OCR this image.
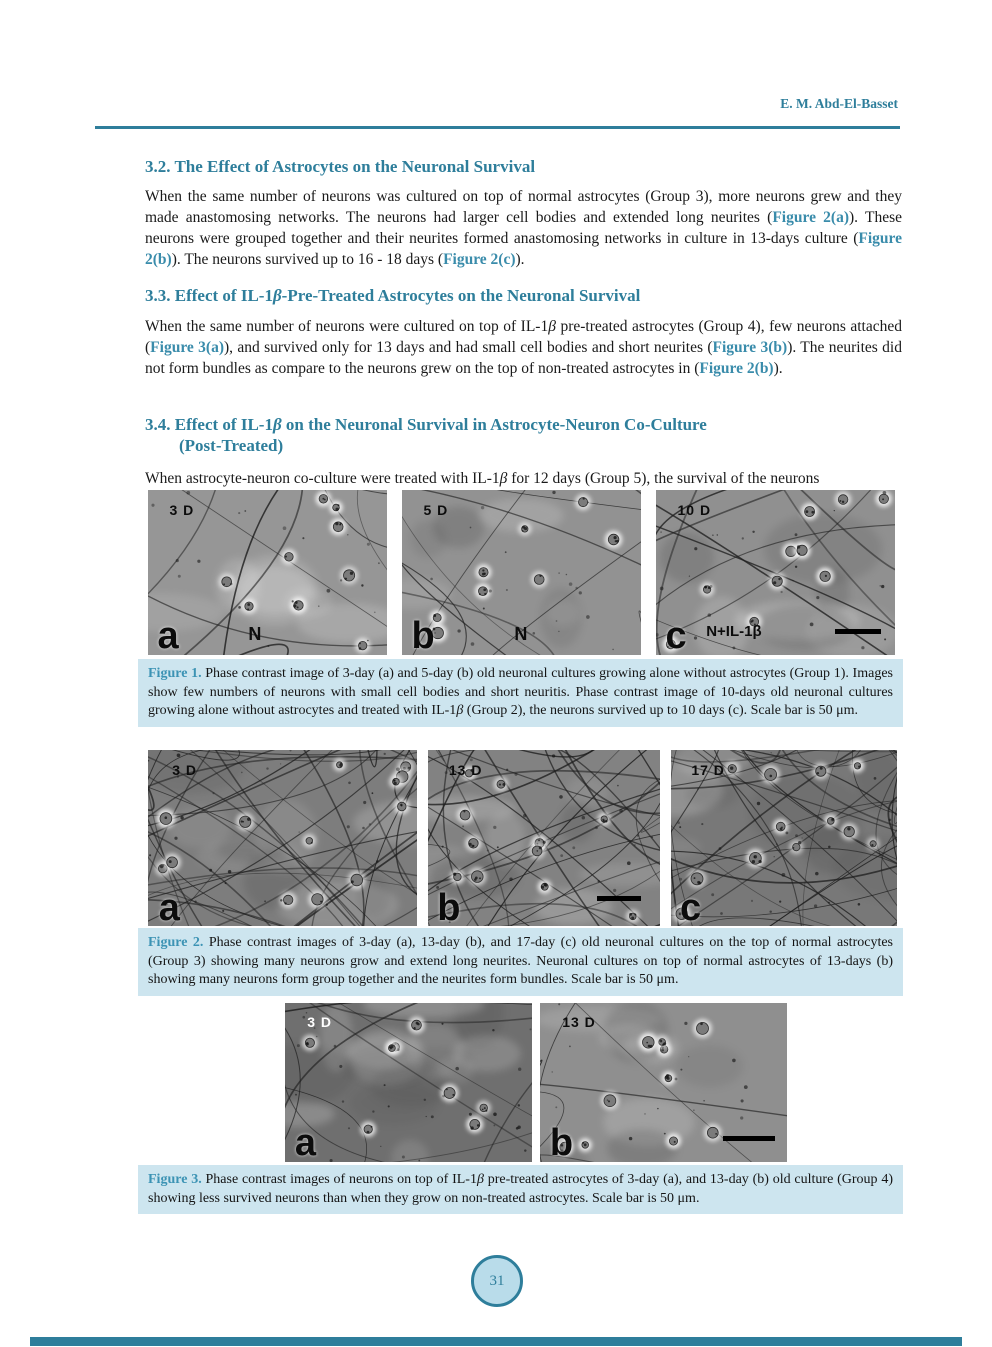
E. M. Abd-El-Basset
3.2. The Effect of Astrocytes on the Neuronal Survival

When the same number of neurons was cultured on top of normal astrocytes (Group 3), more neurons grew and they made anastomosing networks. The neurons had larger cell bodies and extended long neurites (Figure 2(a)). These neurons were grouped together and their neurites formed anastomosing networks in culture in 13-days culture (Figure 2(b)). The neurons survived up to 16 - 18 days (Figure 2(c)).

3.3. Effect of IL-1β-Pre-Treated Astrocytes on the Neuronal Survival

When the same number of neurons were cultured on top of IL-1β pre-treated astrocytes (Group 4), few neurons attached (Figure 3(a)), and survived only for 13 days and had small cell bodies and short neurites (Figure 3(b)). The neurites did not form bundles as compare to the neurons grew on the top of non-treated astrocytes in (Figure 2(b)).

3.4. Effect of IL-1β on the Neuronal Survival in Astrocyte-Neuron Co-Culture
(Post-Treated)

When astrocyte-neuron co-culture were treated with IL-1β for 12 days (Group 5), the survival of the neurons

3 D
N
a
5 D
N
b
10 D
N+IL-1β
c
Figure 1. Phase contrast image of 3-day (a) and 5-day (b) old neuronal cultures growing alone without astrocytes (Group 1). Images show few numbers of neurons with small cell bodies and short neuritis. Phase contrast image of 10-days old neuronal cultures growing alone without astrocytes and treated with IL-1β (Group 2), the neurons survived up to 10 days (c). Scale bar is 50 μm.
3 D
a
13 D
b
17 D
c
Figure 2. Phase contrast images of 3-day (a), 13-day (b), and 17-day (c) old neuronal cultures on the top of normal astrocytes (Group 3) showing many neurons grow and extend long neurites. Neuronal cultures on top of normal astrocytes of 13-days (b) showing many neurons form group together and the neurites form bundles. Scale bar is 50 μm.
3 D
a
13 D
b
Figure 3. Phase contrast images of neurons on top of IL-1β pre-treated astrocytes of 3-day (a), and 13-day (b) old culture (Group 4) showing less survived neurons than when they grow on non-treated astrocytes. Scale bar is 50 μm.
31
